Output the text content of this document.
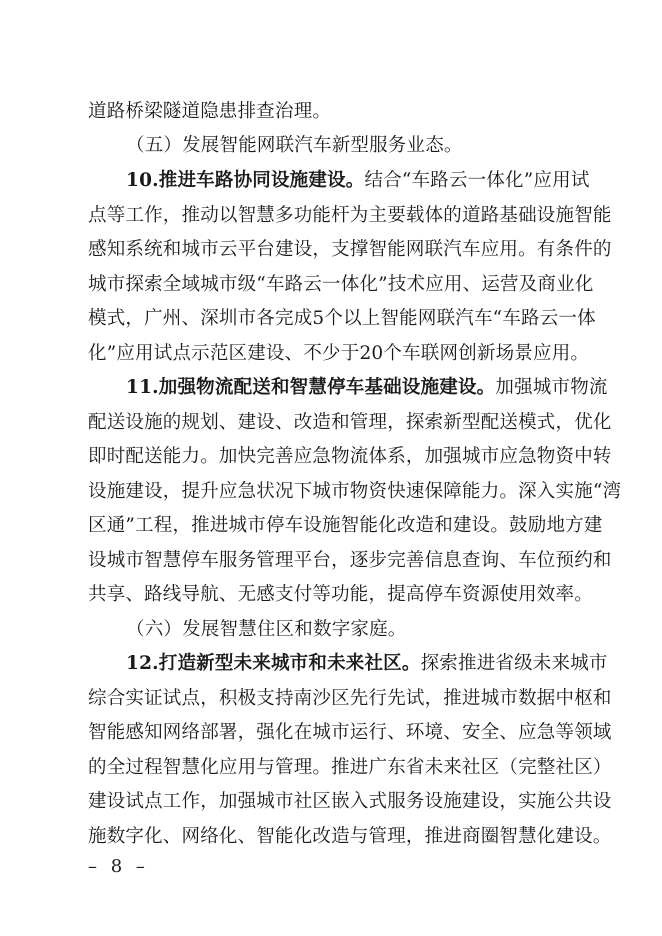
道路桥梁隧道隐患排查治理。
（五）发展智能网联汽车新型服务业态。
10.推进车路协同设施建设。结合“车路云一体化”应用试
点等工作，推动以智慧多功能杆为主要载体的道路基础设施智能
感知系统和城市云平台建设，支撑智能网联汽车应用。有条件的
城市探索全域城市级“车路云一体化”技术应用、运营及商业化
模式，广州、深圳市各完成5个以上智能网联汽车“车路云一体
化”应用试点示范区建设、不少于20个车联网创新场景应用。
11.加强物流配送和智慧停车基础设施建设。加强城市物流
配送设施的规划、建设、改造和管理，探索新型配送模式，优化
即时配送能力。加快完善应急物流体系，加强城市应急物资中转
设施建设，提升应急状况下城市物资快速保障能力。深入实施“湾
区通”工程，推进城市停车设施智能化改造和建设。鼓励地方建
设城市智慧停车服务管理平台，逐步完善信息查询、车位预约和
共享、路线导航、无感支付等功能，提高停车资源使用效率。
（六）发展智慧住区和数字家庭。
12.打造新型未来城市和未来社区。探索推进省级未来城市
综合实证试点，积极支持南沙区先行先试，推进城市数据中枢和
智能感知网络部署，强化在城市运行、环境、安全、应急等领域
的全过程智慧化应用与管理。推进广东省未来社区（完整社区）
建设试点工作，加强城市社区嵌入式服务设施建设，实施公共设
施数字化、网络化、智能化改造与管理，推进商圈智慧化建设。
– 8 –
